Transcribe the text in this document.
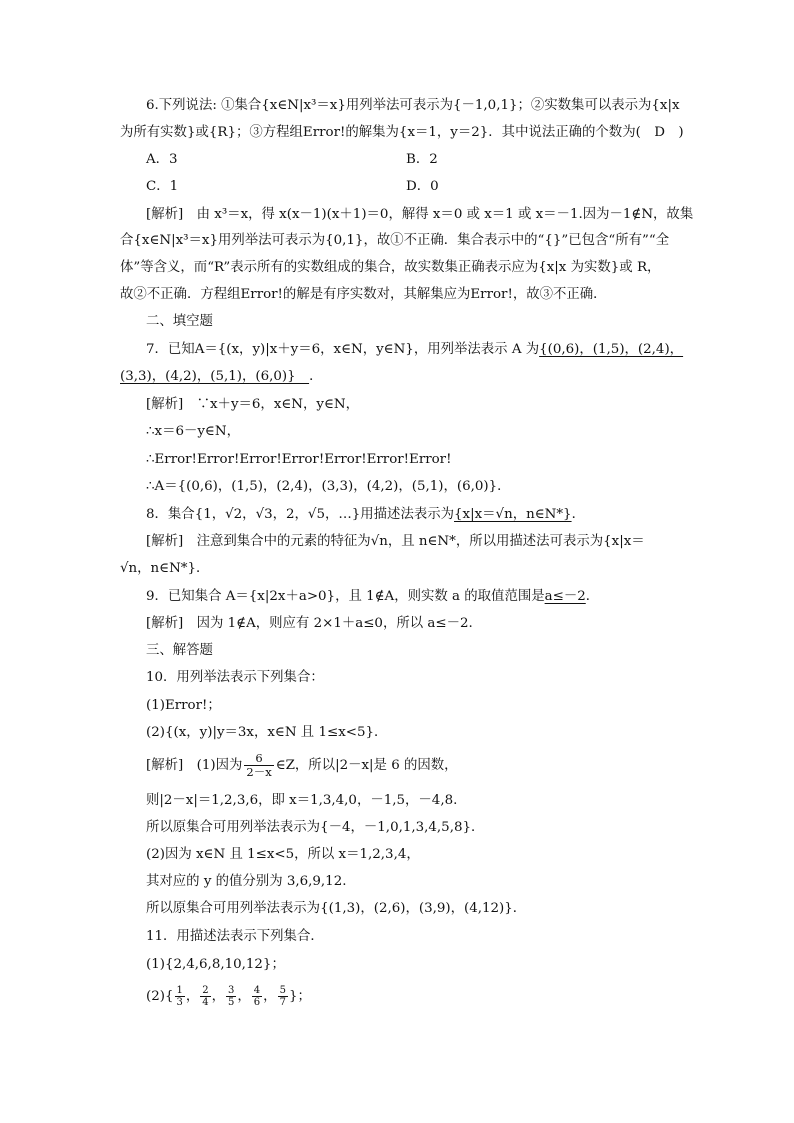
6.下列说法: ①集合{x∈N|x³＝x}用列举法可表示为{－1,0,1}；②实数集可以表示为{x|x
为所有实数}或{R}；③方程组Error!的解集为{x＝1，y＝2}．其中说法正确的个数为(　D　)
A．3	B．2
C．1	D．0
[解析]　由 x³＝x，得 x(x－1)(x＋1)＝0，解得 x＝0 或 x＝1 或 x＝－1.因为－1∉N，故集
合{x∈N|x³＝x}用列举法可表示为{0,1}，故①不正确．集合表示中的“{}”已包含“所有”“全
体”等含义，而“R”表示所有的实数组成的集合，故实数集正确表示应为{x|x 为实数}或 R，
故②不正确．方程组Error!的解是有序实数对，其解集应为Error!，故③不正确．
二、填空题
7．已知A＝{(x，y)|x＋y＝6，x∈N，y∈N}，用列举法表示 A 为{(0,6)，(1,5)，(2,4)，
(3,3)，(4,2)，(5,1)，(6,0)}　．
[解析]　∵x＋y＝6，x∈N，y∈N，
∴x＝6－y∈N，
∴Error!Error!Error!Error!Error!Error!Error!
∴A＝{(0,6)，(1,5)，(2,4)，(3,3)，(4,2)，(5,1)，(6,0)}．
8．集合{1，√2，√3，2，√5，…}用描述法表示为{x|x＝√n，n∈N*}．
[解析]　注意到集合中的元素的特征为√n，且 n∈N*，所以用描述法可表示为{x|x＝
√n，n∈N*}．
9．已知集合 A＝{x|2x＋a>0}，且 1∉A，则实数 a 的取值范围是a≤－2．
[解析]　因为 1∉A，则应有 2×1＋a≤0，所以 a≤－2.
三、解答题
10．用列举法表示下列集合：
(1)Error!；
(2){(x，y)|y＝3x，x∈N 且 1≤x<5}．
[解析]　(1)因为 $\frac{6}{2-x}$ ∈Z，所以|2－x|是 6 的因数，
则|2－x|＝1,2,3,6，即 x＝1,3,4,0，－1,5，－4,8.
所以原集合可用列举法表示为{－4，－1,0,1,3,4,5,8}．
(2)因为 x∈N 且 1≤x<5，所以 x＝1,2,3,4，
其对应的 y 的值分别为 3,6,9,12.
所以原集合可用列举法表示为{(1,3)，(2,6)，(3,9)，(4,12)}．
11．用描述法表示下列集合．
(1){2,4,6,8,10,12}；
$(2)\{ \frac{1}{3}$ ， $\frac{2}{4}$ ， $\frac{3}{5}$ ， $\frac{4}{6}$ ， $\frac{5}{7}$ }；
